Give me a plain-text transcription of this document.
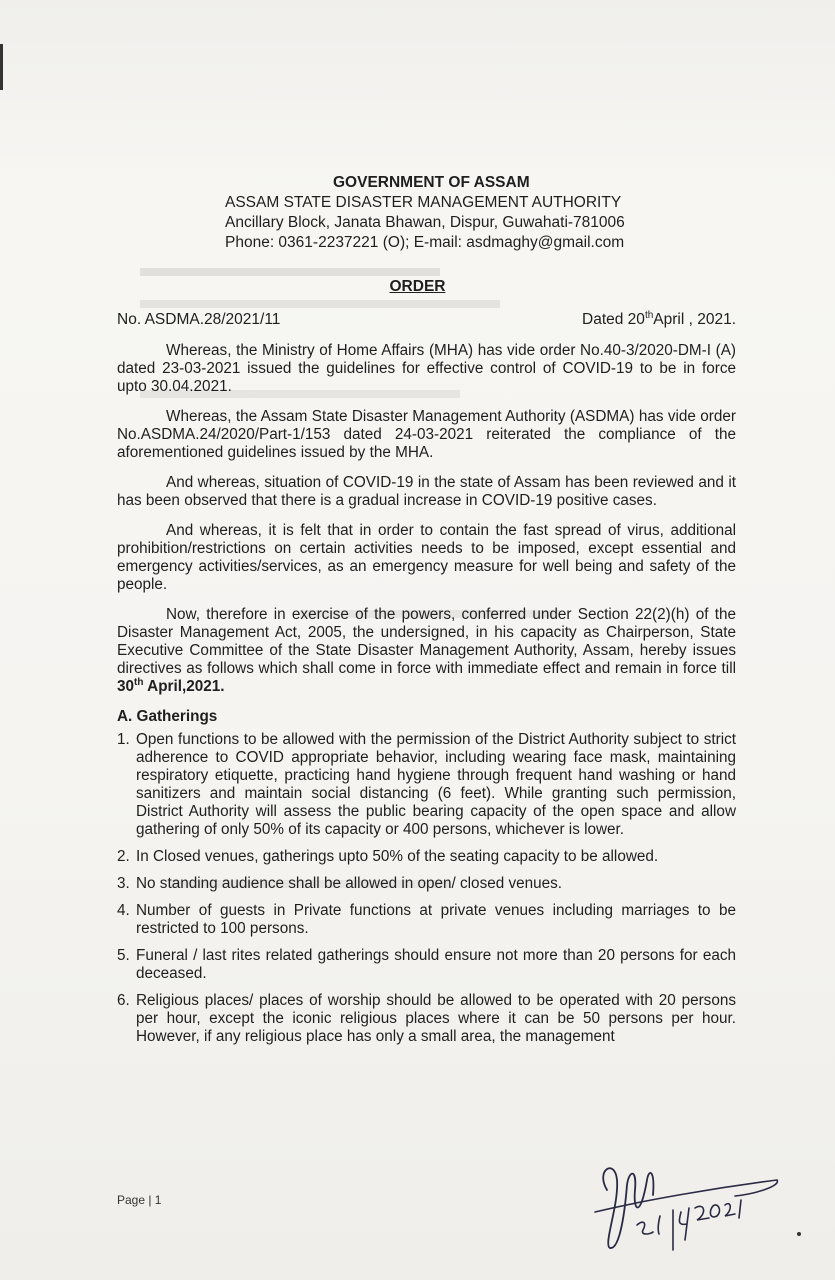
GOVERNMENT OF ASSAM
ASSAM STATE DISASTER MANAGEMENT AUTHORITY
Ancillary Block, Janata Bhawan, Dispur, Guwahati-781006
Phone: 0361-2237221 (O); E-mail: asdmaghy@gmail.com
ORDER
No. ASDMA.28/2021/11	Dated 20thApril , 2021.

Whereas, the Ministry of Home Affairs (MHA) has vide order No.40-3/2020-DM-I (A) dated 23-03-2021 issued the guidelines for effective control of COVID-19 to be in force upto 30.04.2021.

Whereas, the Assam State Disaster Management Authority (ASDMA) has vide order No.ASDMA.24/2020/Part-1/153 dated 24-03-2021 reiterated the compliance of the aforementioned guidelines issued by the MHA.

And whereas, situation of COVID-19 in the state of Assam has been reviewed and it has been observed that there is a gradual increase in COVID-19 positive cases.

And whereas, it is felt that in order to contain the fast spread of virus, additional prohibition/restrictions on certain activities needs to be imposed, except essential and emergency activities/services, as an emergency measure for well being and safety of the people.

Now, therefore in exercise of the powers, conferred under Section 22(2)(h) of the Disaster Management Act, 2005, the undersigned, in his capacity as Chairperson, State Executive Committee of the State Disaster Management Authority, Assam, hereby issues directives as follows which shall come in force with immediate effect and remain in force till 30th April,2021.

A. Gatherings
1. Open functions to be allowed with the permission of the District Authority subject to strict adherence to COVID appropriate behavior, including wearing face mask, maintaining respiratory etiquette, practicing hand hygiene through frequent hand washing or hand sanitizers and maintain social distancing (6 feet). While granting such permission, District Authority will assess the public bearing capacity of the open space and allow gathering of only 50% of its capacity or 400 persons, whichever is lower.
2. In Closed venues, gatherings upto 50% of the seating capacity to be allowed.
3. No standing audience shall be allowed in open/ closed venues.
4. Number of guests in Private functions at private venues including marriages to be restricted to 100 persons.
5. Funeral / last rites related gatherings should ensure not more than 20 persons for each deceased.
6. Religious places/ places of worship should be allowed to be operated with 20 persons per hour, except the iconic religious places where it can be 50 persons per hour. However, if any religious place has only a small area, the management
Page | 1
